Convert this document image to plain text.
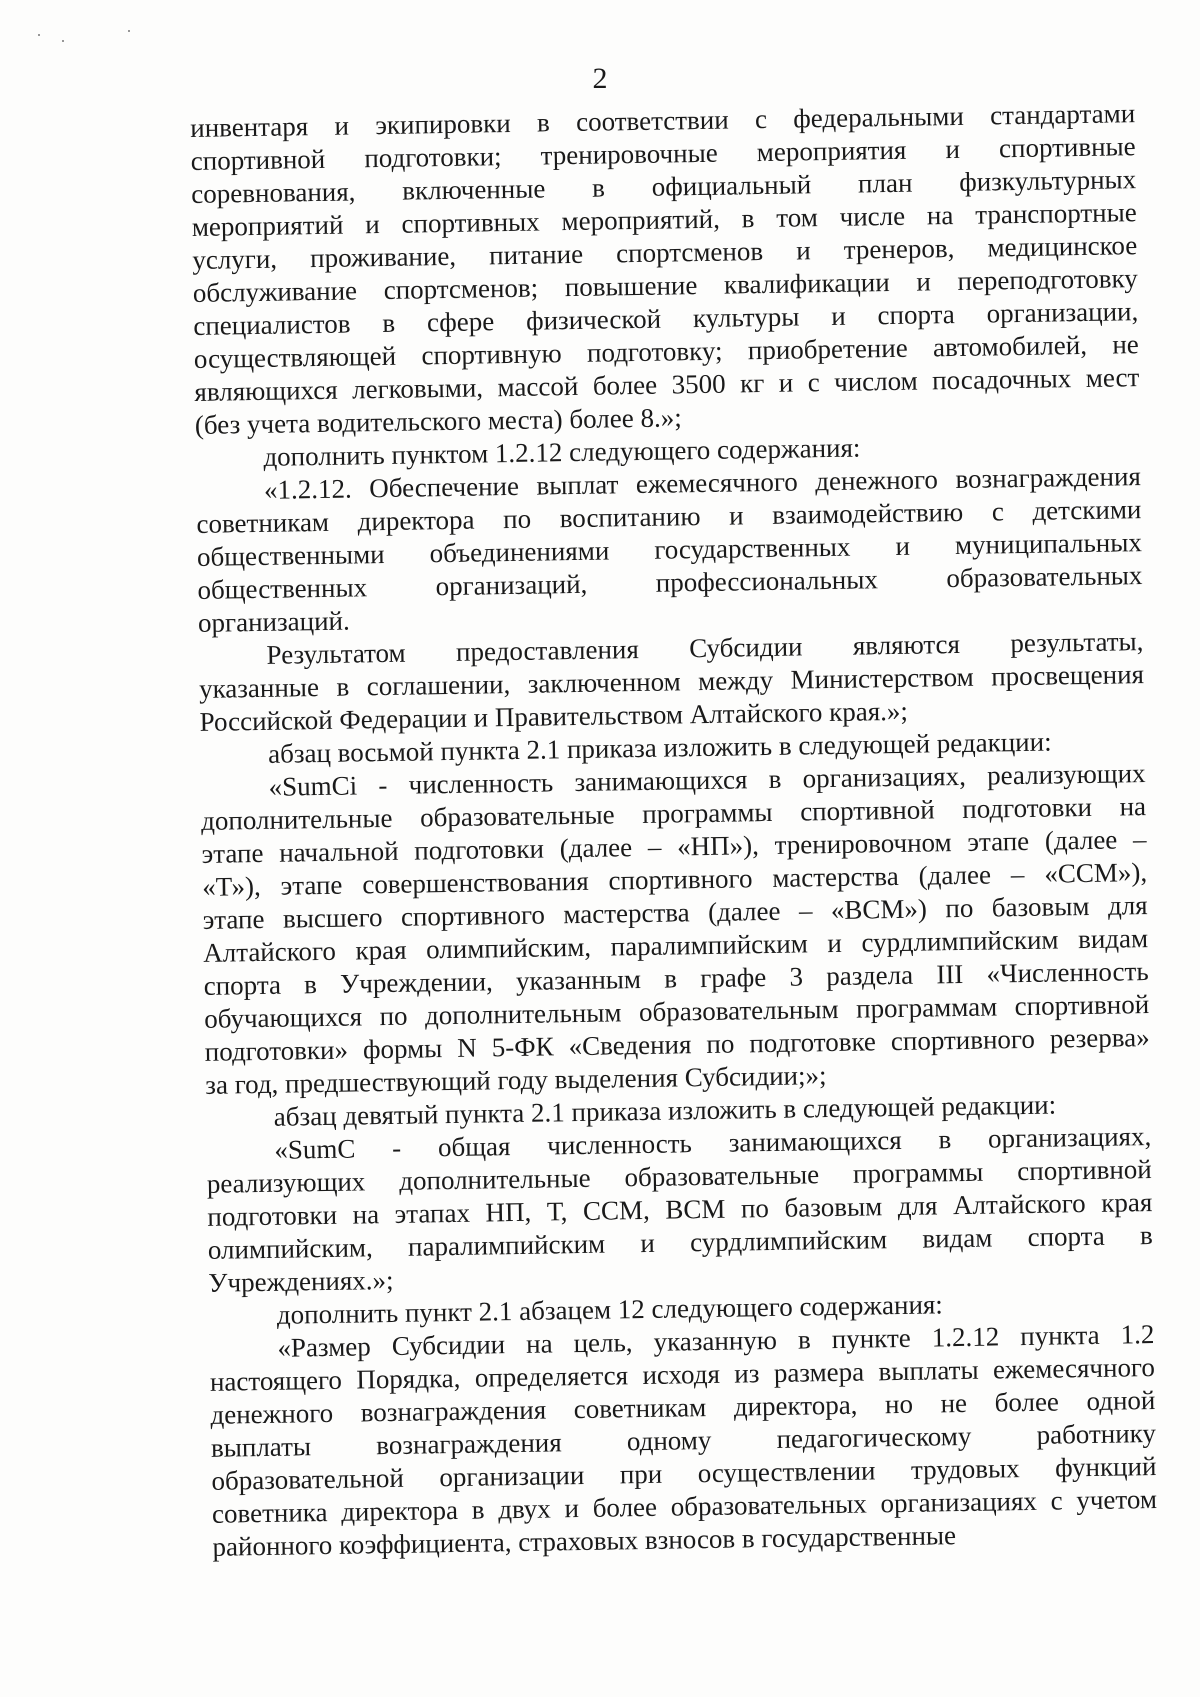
2
инвентаря и экипировки в соответствии с федеральными стандартами
спортивной подготовки; тренировочные мероприятия и спортивные
соревнования, включенные в официальный план физкультурных
мероприятий и спортивных мероприятий, в том числе на транспортные
услуги, проживание, питание спортсменов и тренеров, медицинское
обслуживание спортсменов; повышение квалификации и переподготовку
специалистов в сфере физической культуры и спорта организации,
осуществляющей спортивную подготовку; приобретение автомобилей, не
являющихся легковыми, массой более 3500 кг и с числом посадочных мест
(без учета водительского места) более 8.»;
дополнить пунктом 1.2.12 следующего содержания:
«1.2.12. Обеспечение выплат ежемесячного денежного вознаграждения
советникам директора по воспитанию и взаимодействию с детскими
общественными объединениями государственных и муниципальных
общественных организаций, профессиональных образовательных
организаций.
Результатом предоставления Субсидии являются результаты,
указанные в соглашении, заключенном между Министерством просвещения
Российской Федерации и Правительством Алтайского края.»;
абзац восьмой пункта 2.1 приказа изложить в следующей редакции:
«SumCi - численность занимающихся в организациях, реализующих
дополнительные образовательные программы спортивной подготовки на
этапе начальной подготовки (далее – «НП»), тренировочном этапе (далее –
«Т»), этапе совершенствования спортивного мастерства (далее – «ССМ»),
этапе высшего спортивного мастерства (далее – «ВСМ») по базовым для
Алтайского края олимпийским, паралимпийским и сурдлимпийским видам
спорта в Учреждении, указанным в графе 3 раздела III «Численность
обучающихся по дополнительным образовательным программам спортивной
подготовки» формы N 5-ФК «Сведения по подготовке спортивного резерва»
за год, предшествующий году выделения Субсидии;»;
абзац девятый пункта 2.1 приказа изложить в следующей редакции:
«SumC - общая численность занимающихся в организациях,
реализующих дополнительные образовательные программы спортивной
подготовки на этапах НП, Т, ССМ, ВСМ по базовым для Алтайского края
олимпийским, паралимпийским и сурдлимпийским видам спорта в
Учреждениях.»;
дополнить пункт 2.1 абзацем 12 следующего содержания:
«Размер Субсидии на цель, указанную в пункте 1.2.12 пункта 1.2
настоящего Порядка, определяется исходя из размера выплаты ежемесячного
денежного вознаграждения советникам директора, но не более одной
выплаты вознаграждения одному педагогическому работнику
образовательной организации при осуществлении трудовых функций
советника директора в двух и более образовательных организациях с учетом
районного коэффициента, страховых взносов в государственные
